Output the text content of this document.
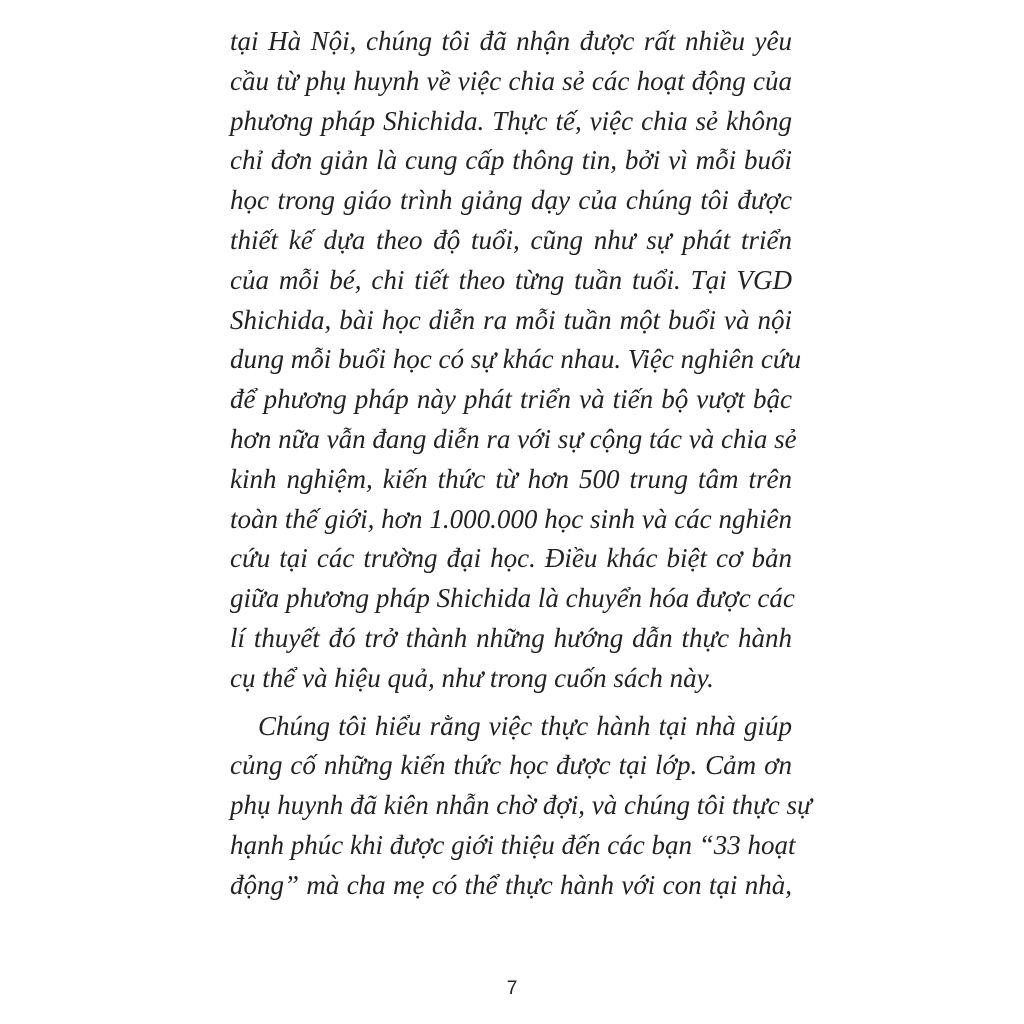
tại Hà Nội, chúng tôi đã nhận được rất nhiều yêu
cầu từ phụ huynh về việc chia sẻ các hoạt động của
phương pháp Shichida. Thực tế, việc chia sẻ không
chỉ đơn giản là cung cấp thông tin, bởi vì mỗi buổi
học trong giáo trình giảng dạy của chúng tôi được
thiết kế dựa theo độ tuổi, cũng như sự phát triển
của mỗi bé, chi tiết theo từng tuần tuổi. Tại VGD
Shichida, bài học diễn ra mỗi tuần một buổi và nội
dung mỗi buổi học có sự khác nhau. Việc nghiên cứu
để phương pháp này phát triển và tiến bộ vượt bậc
hơn nữa vẫn đang diễn ra với sự cộng tác và chia sẻ
kinh nghiệm, kiến thức từ hơn 500 trung tâm trên
toàn thế giới, hơn 1.000.000 học sinh và các nghiên
cứu tại các trường đại học. Điều khác biệt cơ bản
giữa phương pháp Shichida là chuyển hóa được các
lí thuyết đó trở thành những hướng dẫn thực hành
cụ thể và hiệu quả, như trong cuốn sách này.
Chúng tôi hiểu rằng việc thực hành tại nhà giúp
củng cố những kiến thức học được tại lớp. Cảm ơn
phụ huynh đã kiên nhẫn chờ đợi, và chúng tôi thực sự
hạnh phúc khi được giới thiệu đến các bạn “33 hoạt
động” mà cha mẹ có thể thực hành với con tại nhà,
7
